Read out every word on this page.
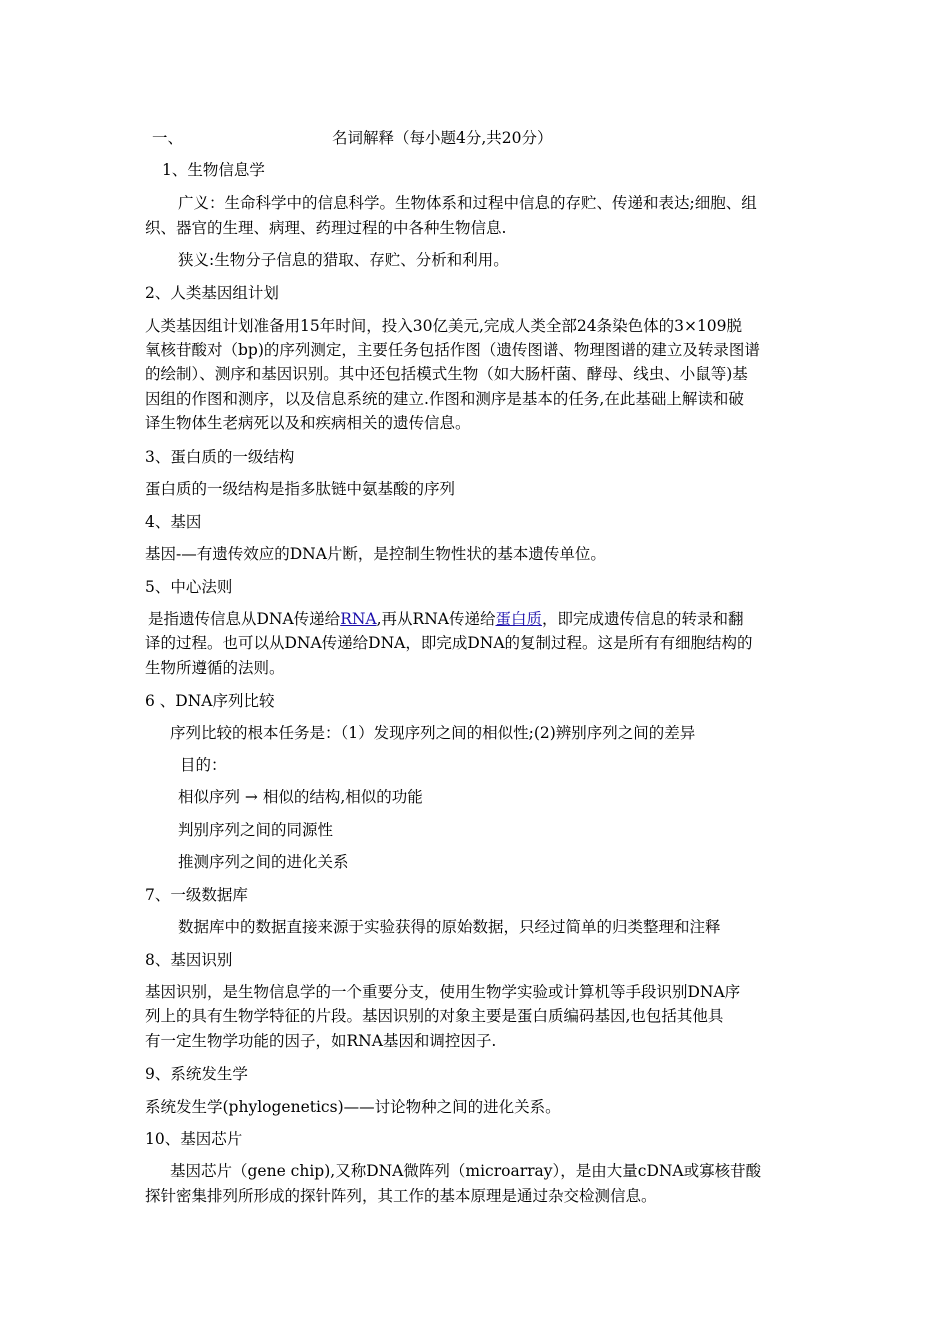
一、	名词解释（每小题4分,共20分）
1、生物信息学
广义：生命科学中的信息科学。生物体系和过程中信息的存贮、传递和表达;细胞、组
织、器官的生理、病理、药理过程的中各种生物信息.
狭义:生物分子信息的猎取、存贮、分析和利用。
2、人类基因组计划
人类基因组计划准备用15年时间，投入30亿美元,完成人类全部24条染色体的3×109脱
氧核苷酸对（bp)的序列测定，主要任务包括作图（遗传图谱、物理图谱的建立及转录图谱
的绘制）、测序和基因识别。其中还包括模式生物（如大肠杆菌、酵母、线虫、小鼠等)基
因组的作图和测序，以及信息系统的建立.作图和测序是基本的任务,在此基础上解读和破
译生物体生老病死以及和疾病相关的遗传信息。
3、蛋白质的一级结构
蛋白质的一级结构是指多肽链中氨基酸的序列
4、基因
基因-—有遗传效应的DNA片断，是控制生物性状的基本遗传单位。
5、中心法则
是指遗传信息从DNA传递给RNA,再从RNA传递给蛋白质，即完成遗传信息的转录和翻
译的过程。也可以从DNA传递给DNA，即完成DNA的复制过程。这是所有有细胞结构的
生物所遵循的法则。
6 、DNA序列比较
序列比较的根本任务是：（1）发现序列之间的相似性;(2)辨别序列之间的差异
目的：
相似序列 → 相似的结构,相似的功能
判别序列之间的同源性
推测序列之间的进化关系
7、一级数据库
数据库中的数据直接来源于实验获得的原始数据，只经过简单的归类整理和注释
8、基因识别
基因识别，是生物信息学的一个重要分支，使用生物学实验或计算机等手段识别DNA序
列上的具有生物学特征的片段。基因识别的对象主要是蛋白质编码基因,也包括其他具
有一定生物学功能的因子，如RNA基因和调控因子.
9、系统发生学
系统发生学(phylogenetics)——讨论物种之间的进化关系。
10、基因芯片
基因芯片（gene chip),又称DNA微阵列（microarray），是由大量cDNA或寡核苷酸
探针密集排列所形成的探针阵列，其工作的基本原理是通过杂交检测信息。
